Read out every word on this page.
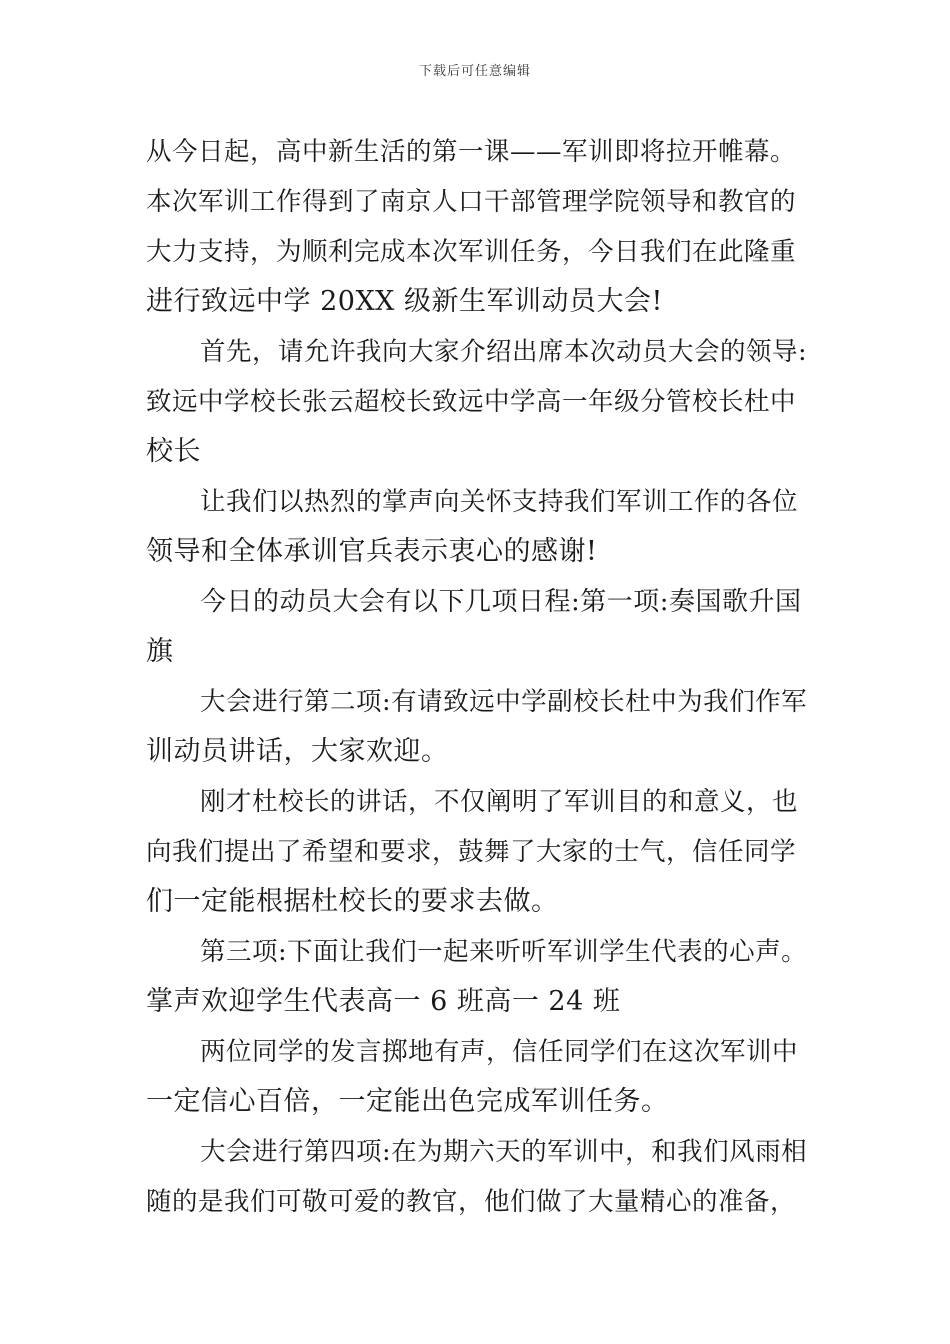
下载后可任意编辑
从今日起，高中新生活的第一课——军训即将拉开帷幕。
本次军训工作得到了南京人口干部管理学院领导和教官的
大力支持，为顺利完成本次军训任务，今日我们在此隆重
进行致远中学 20XX 级新生军训动员大会!
首先，请允许我向大家介绍出席本次动员大会的领导:
致远中学校长张云超校长致远中学高一年级分管校长杜中
校长
让我们以热烈的掌声向关怀支持我们军训工作的各位
领导和全体承训官兵表示衷心的感谢!
今日的动员大会有以下几项日程:第一项:奏国歌升国
旗
大会进行第二项:有请致远中学副校长杜中为我们作军
训动员讲话，大家欢迎。
刚才杜校长的讲话，不仅阐明了军训目的和意义，也
向我们提出了希望和要求，鼓舞了大家的士气，信任同学
们一定能根据杜校长的要求去做。
第三项:下面让我们一起来听听军训学生代表的心声。
掌声欢迎学生代表高一 6 班高一 24 班
两位同学的发言掷地有声，信任同学们在这次军训中
一定信心百倍，一定能出色完成军训任务。
大会进行第四项:在为期六天的军训中，和我们风雨相
随的是我们可敬可爱的教官，他们做了大量精心的准备，
